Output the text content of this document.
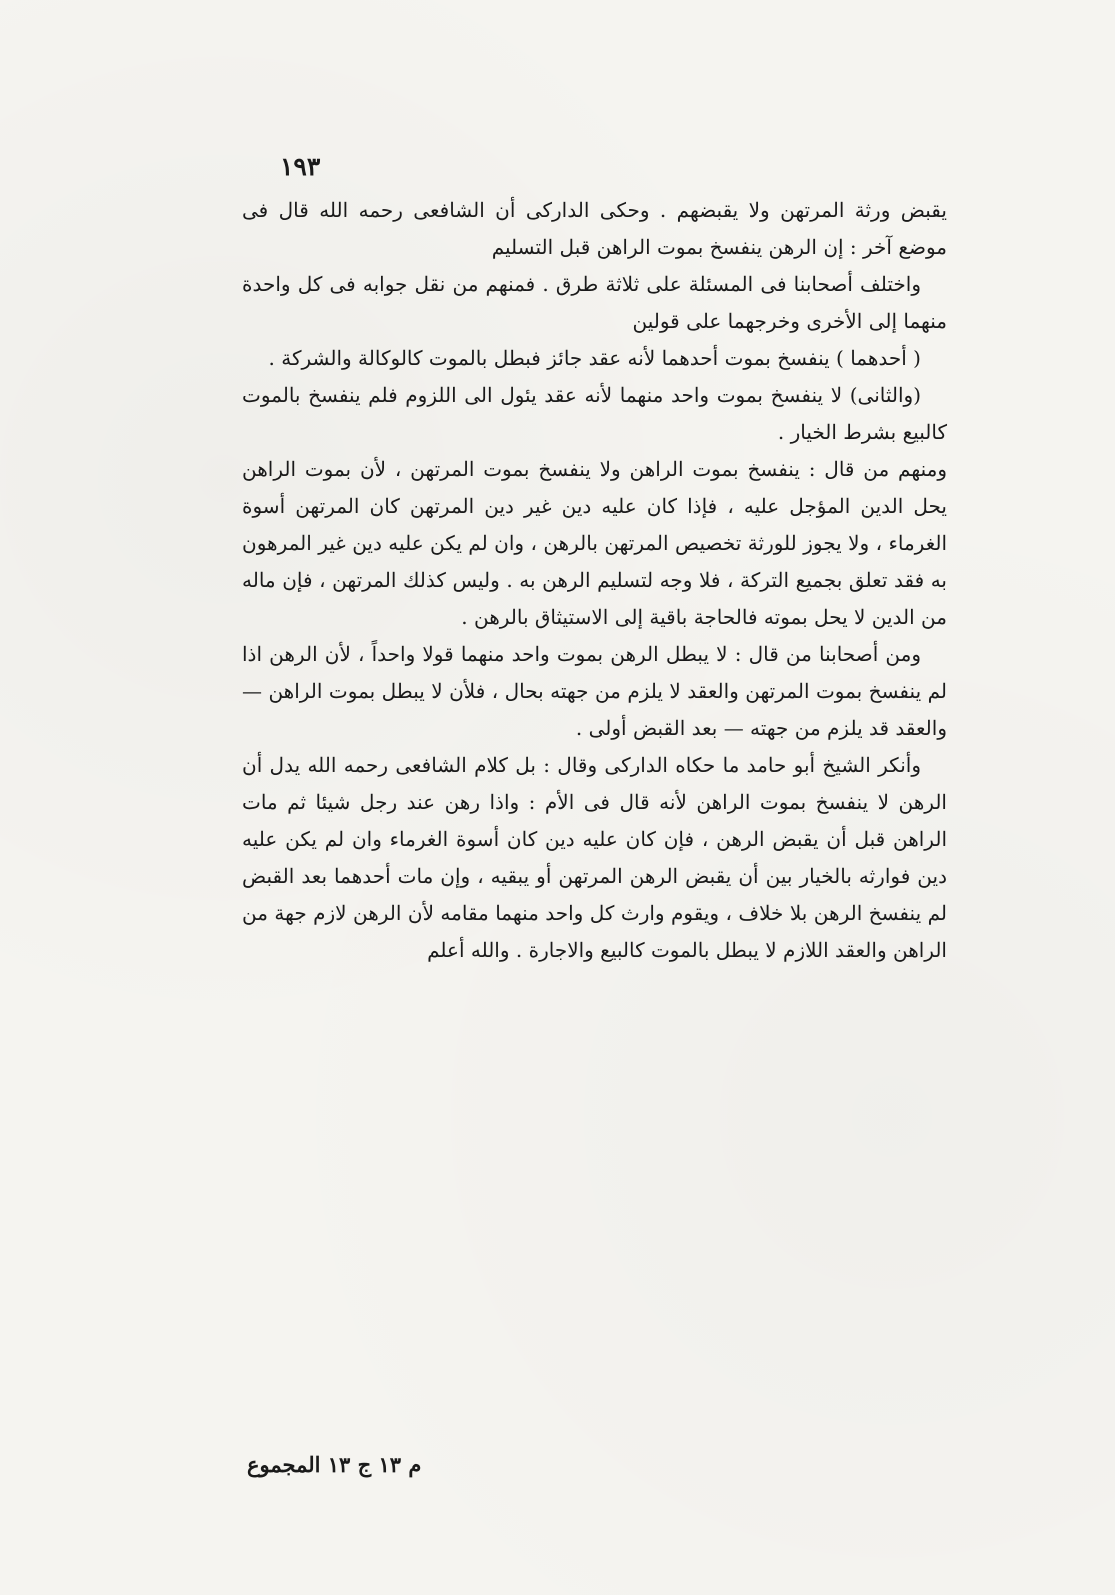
١٩٣

يقبض ورثة المرتهن ولا يقبضهم . وحكى الدارکی أن الشافعی رحمه الله قال فی موضع آخر : إن الرهن ينفسخ بموت الراهن قبل التسليم

واختلف أصحابنا فی المسئلة علی ثلاثة طرق . فمنهم من نقل جوابه فی كل واحدة منهما إلی الأخری وخرجهما علی قولين

( أحدهما ) ينفسخ بموت أحدهما لأنه عقد جائز فبطل بالموت كالوكالة والشركة .

(والثانی) لا ينفسخ بموت واحد منهما لأنه عقد يئول الی اللزوم فلم ينفسخ بالموت كالبيع بشرط الخيار .

ومنهم من قال : ينفسخ بموت الراهن ولا ينفسخ بموت المرتهن ، لأن بموت الراهن يحل الدين المؤجل عليه ، فإذا كان عليه دين غير دين المرتهن كان المرتهن أسوة الغرماء ، ولا يجوز للورثة تخصيص المرتهن بالرهن ، وان لم يكن عليه دين غير المرهون به فقد تعلق بجميع التركة ، فلا وجه لتسليم الرهن به . وليس كذلك المرتهن ، فإن ماله من الدين لا يحل بموته فالحاجة باقية إلی الاستيثاق بالرهن .

ومن أصحابنا من قال : لا يبطل الرهن بموت واحد منهما قولا واحداً ، لأن الرهن اذا لم ينفسخ بموت المرتهن والعقد لا يلزم من جهته بحال ، فلأن لا يبطل بموت الراهن — والعقد قد يلزم من جهته — بعد القبض أولی .

وأنكر الشيخ أبو حامد ما حكاه الدارکی وقال : بل كلام الشافعی رحمه الله يدل أن الرهن لا ينفسخ بموت الراهن لأنه قال فی الأم : واذا رهن عند رجل شيئا ثم مات الراهن قبل أن يقبض الرهن ، فإن كان عليه دين كان أسوة الغرماء وان لم يكن عليه دين فوارثه بالخيار بين أن يقبض الرهن المرتهن أو يبقيه ، وإن مات أحدهما بعد القبض لم ينفسخ الرهن بلا خلاف ، ويقوم وارث كل واحد منهما مقامه لأن الرهن لازم جهة من الراهن والعقد اللازم لا يبطل بالموت كالبيع والاجارة . والله أعلم

م ١٣ ج ١٣ المجموع
